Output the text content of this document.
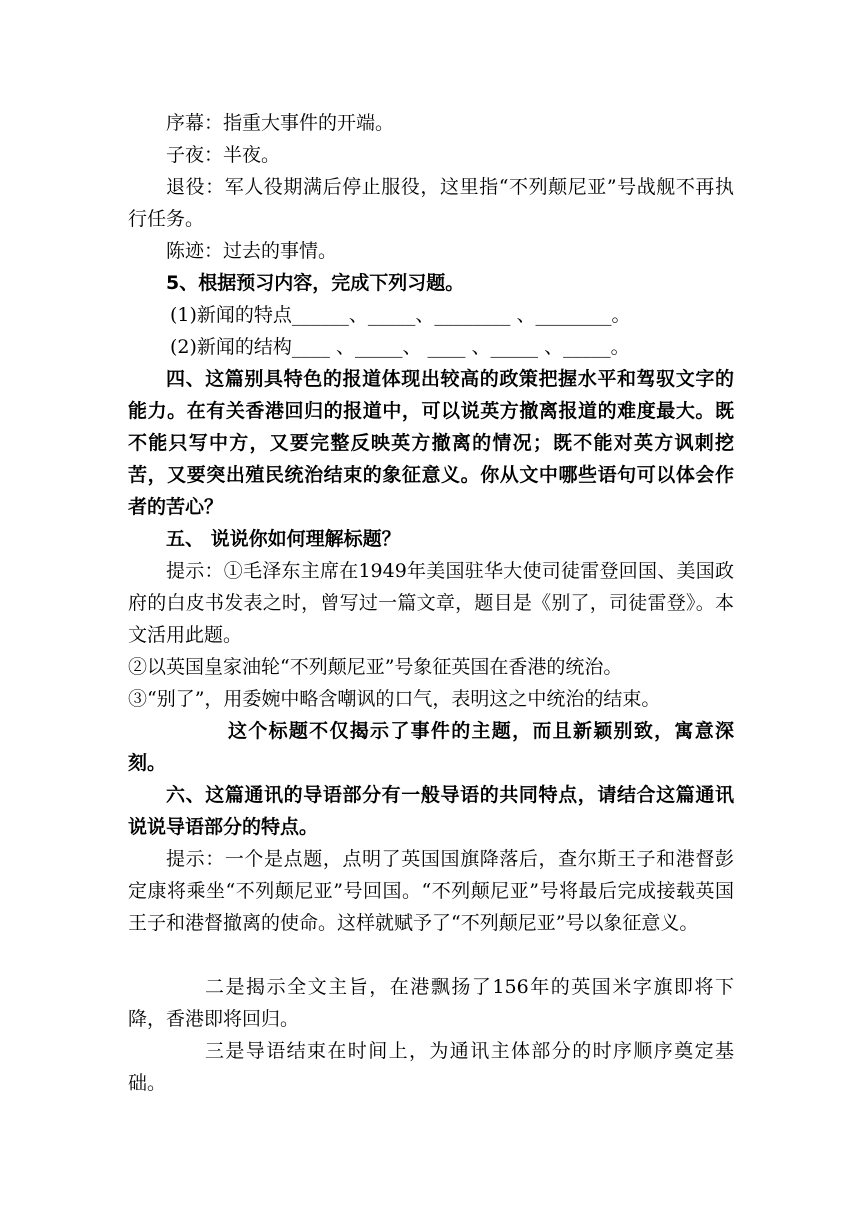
序幕：指重大事件的开端。

子夜：半夜。

退役：军人役期满后停止服役，这里指“不列颠尼亚”号战舰不再执行任务。

陈迹：过去的事情。

5、根据预习内容，完成下列习题。

(1)新闻的特点______、_____、________ 、________。

(2)新闻的结构____ 、_____、 ____ 、_____ 、_____。

四、这篇别具特色的报道体现出较高的政策把握水平和驾驭文字的能力。在有关香港回归的报道中，可以说英方撤离报道的难度最大。既不能只写中方，又要完整反映英方撤离的情况；既不能对英方讽刺挖苦，又要突出殖民统治结束的象征意义。你从文中哪些语句可以体会作者的苦心？

五、 说说你如何理解标题？

提示：①毛泽东主席在1949年美国驻华大使司徒雷登回国、美国政府的白皮书发表之时，曾写过一篇文章，题目是《别了，司徒雷登》。本文活用此题。

②以英国皇家油轮“不列颠尼亚”号象征英国在香港的统治。

③“别了”，用委婉中略含嘲讽的口气，表明这之中统治的结束。

这个标题不仅揭示了事件的主题，而且新颖别致，寓意深刻。

六、这篇通讯的导语部分有一般导语的共同特点，请结合这篇通讯说说导语部分的特点。

提示：一个是点题，点明了英国国旗降落后，查尔斯王子和港督彭定康将乘坐“不列颠尼亚”号回国。“不列颠尼亚”号将最后完成接载英国王子和港督撤离的使命。这样就赋予了“不列颠尼亚”号以象征意义。

二是揭示全文主旨，在港飘扬了156年的英国米字旗即将下降，香港即将回归。

三是导语结束在时间上，为通讯主体部分的时序顺序奠定基础。
